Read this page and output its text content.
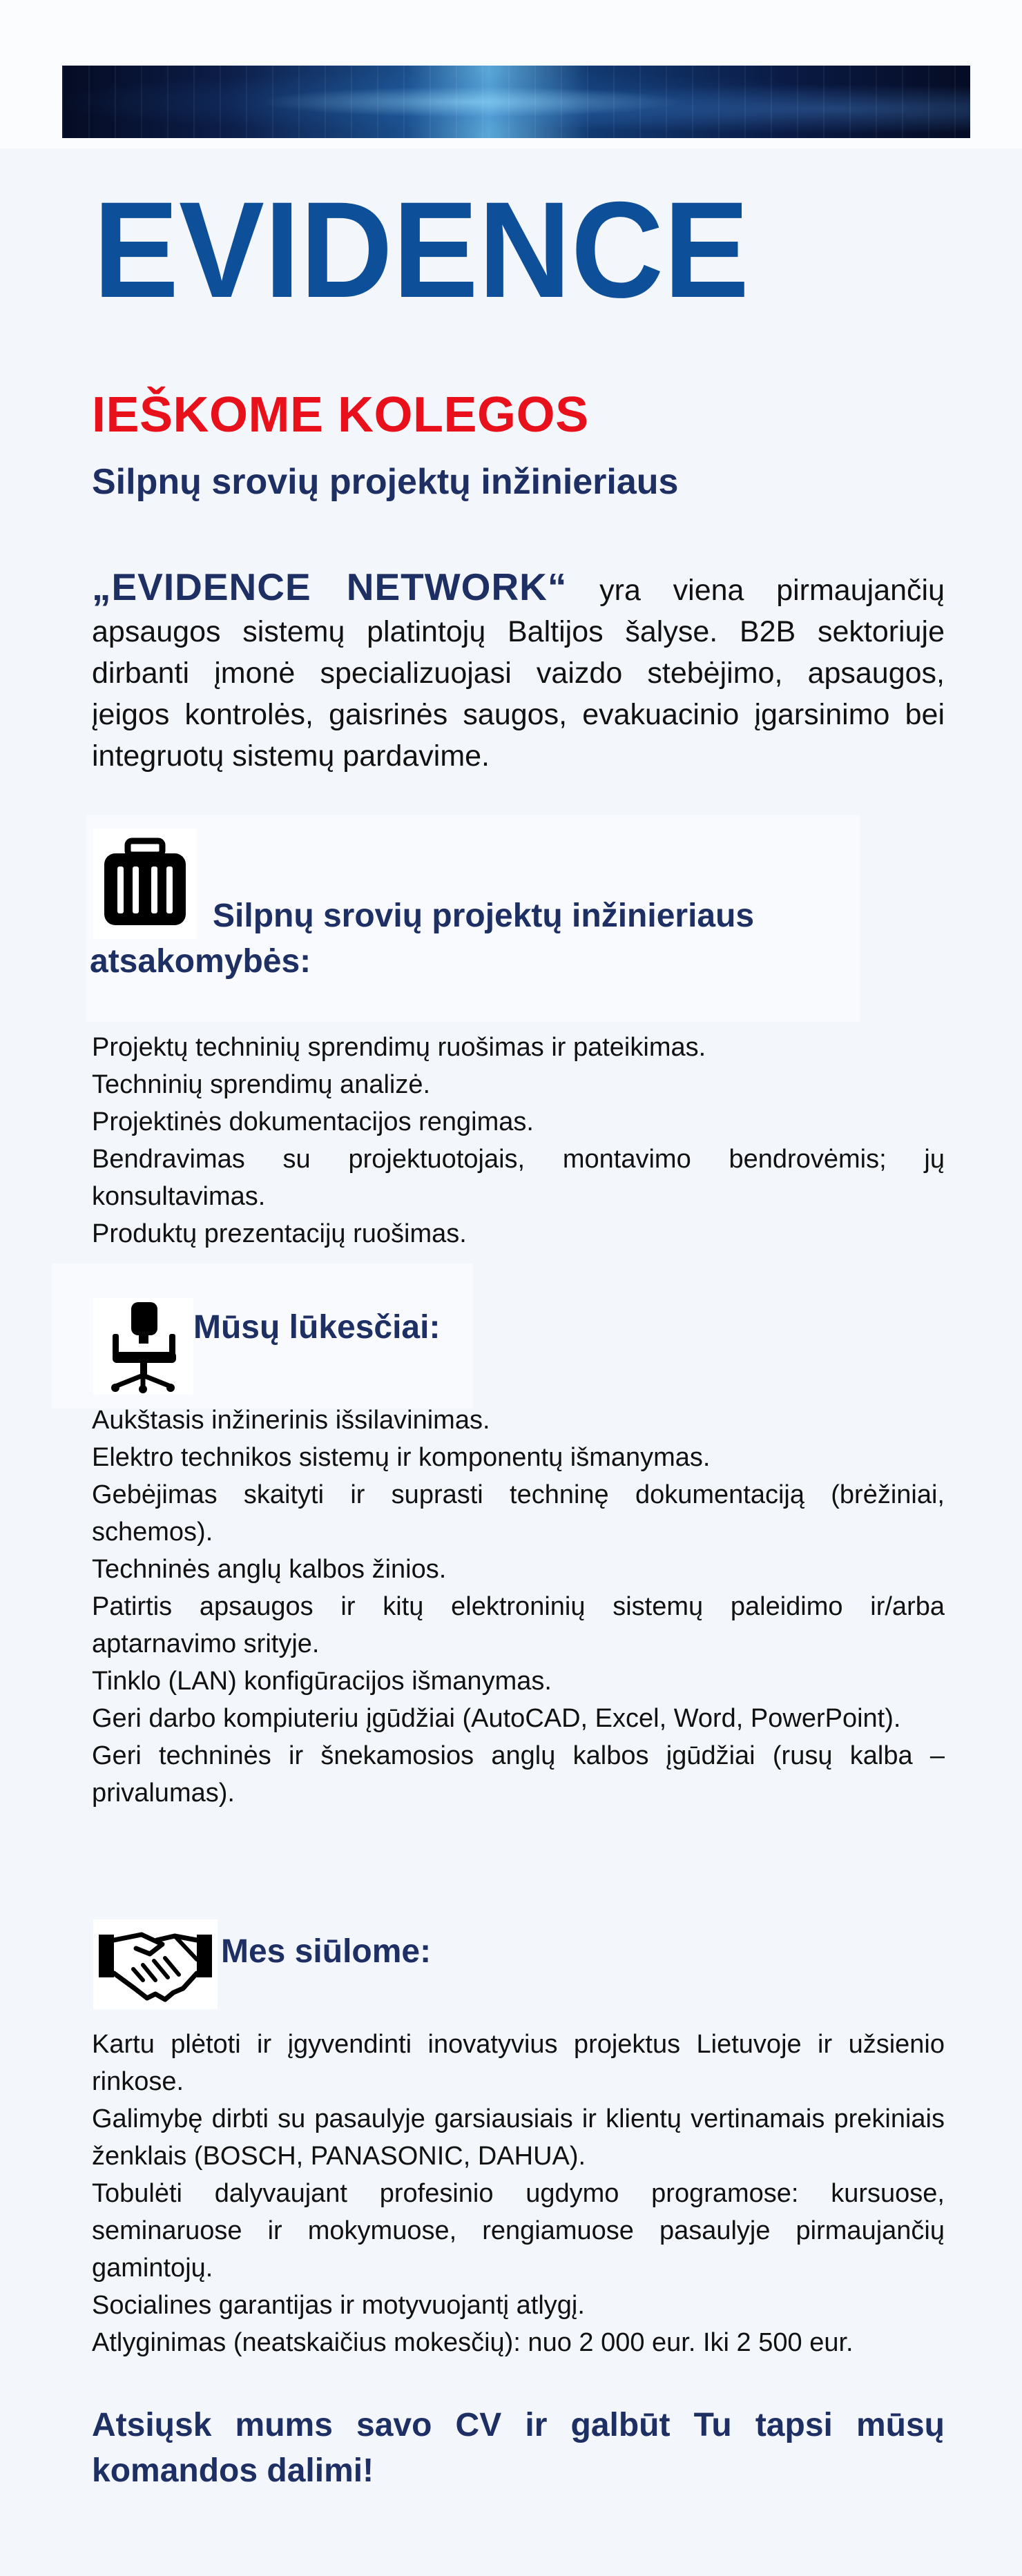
EVIDENCE
IEŠKOME KOLEGOS
Silpnų srovių projektų inžinieriaus
„EVIDENCE NETWORK“ yra viena pirmaujančių apsaugos sistemų platintojų Baltijos šalyse. B2B sektoriuje dirbanti įmonė specializuojasi vaizdo stebėjimo, apsaugos, įeigos kontrolės, gaisrinės saugos, evakuacinio įgarsinimo bei integruotų sistemų pardavime.
Silpnų srovių projektų inžinieriaus
atsakomybės:
Projektų techninių sprendimų ruošimas ir pateikimas.
Techninių sprendimų analizė.
Projektinės dokumentacijos rengimas.
Bendravimas su projektuotojais, montavimo bendrovėmis; jų konsultavimas.
Produktų prezentacijų ruošimas.
Mūsų lūkesčiai:
Aukštasis inžinerinis išsilavinimas.
Elektro technikos sistemų ir komponentų išmanymas.
Gebėjimas skaityti ir suprasti techninę dokumentaciją (brėžiniai, schemos).
Techninės anglų kalbos žinios.
Patirtis apsaugos ir kitų elektroninių sistemų paleidimo ir/arba aptarnavimo srityje.
Tinklo (LAN) konfigūracijos išmanymas.
Geri darbo kompiuteriu įgūdžiai (AutoCAD, Excel, Word, PowerPoint).
Geri techninės ir šnekamosios anglų kalbos įgūdžiai (rusų kalba – privalumas).
Mes siūlome:
Kartu plėtoti ir įgyvendinti inovatyvius projektus Lietuvoje ir užsienio rinkose.
Galimybę dirbti su pasaulyje garsiausiais ir klientų vertinamais prekiniais ženklais (BOSCH, PANASONIC, DAHUA).
Tobulėti dalyvaujant profesinio ugdymo programose: kursuose, seminaruose ir mokymuose, rengiamuose pasaulyje pirmaujančių gamintojų.
Socialines garantijas ir motyvuojantį atlygį.
Atlyginimas (neatskaičius mokesčių): nuo 2 000 eur. Iki 2 500 eur.
Atsiųsk mums savo CV ir galbūt Tu tapsi mūsų komandos dalimi!
